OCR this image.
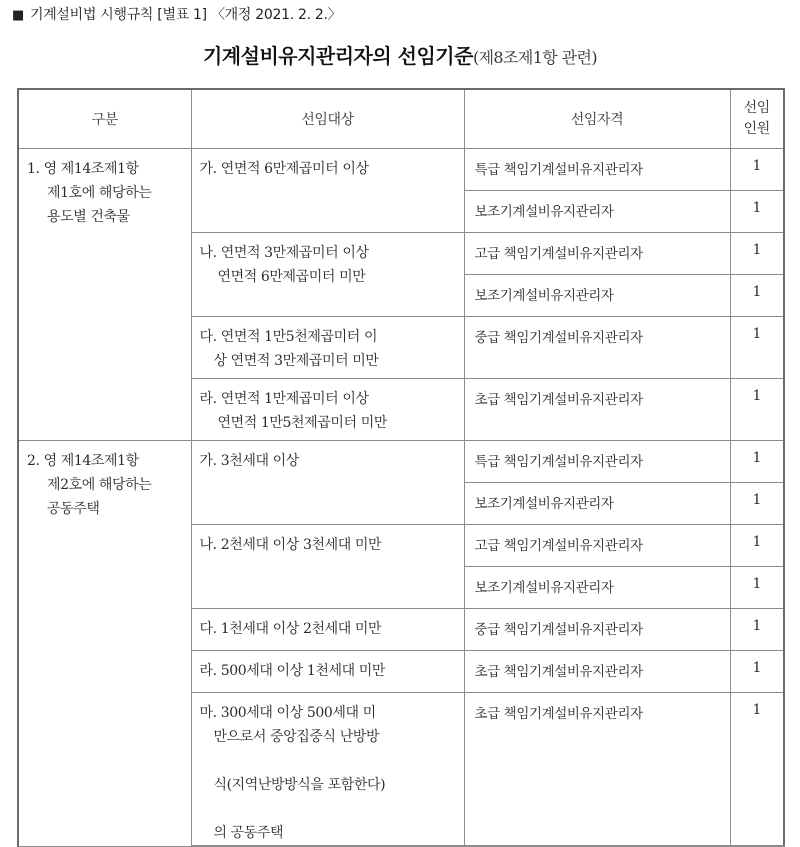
■ 기계설비법 시행규칙 [별표 1] 〈개정 2021. 2. 2.〉
기계설비유지관리자의 선임기준(제8조제1항 관련)
구분	선임대상	선임자격	선임
인원
1. 영 제14조제1항
제1호에 해당하는
용도별 건축물	가. 연면적 6만제곱미터 이상	특급 책임기계설비유지관리자	1
		보조기계설비유지관리자	1
	나. 연면적 3만제곱미터 이상

연면적 6만제곱미터 미만	고급 책임기계설비유지관리자	1
		보조기계설비유지관리자	1
	다. 연면적 1만5천제곱미터 이

상 연면적 3만제곱미터 미만	중급 책임기계설비유지관리자	1
	라. 연면적 1만제곱미터 이상

연면적 1만5천제곱미터 미만	초급 책임기계설비유지관리자	1
2. 영 제14조제1항
제2호에 해당하는
공동주택	가. 3천세대 이상	특급 책임기계설비유지관리자	1
		보조기계설비유지관리자	1
	나. 2천세대 이상 3천세대 미만	고급 책임기계설비유지관리자	1
		보조기계설비유지관리자	1
	다. 1천세대 이상 2천세대 미만	중급 책임기계설비유지관리자	1
	라. 500세대 이상 1천세대 미만	초급 책임기계설비유지관리자	1
	마. 300세대 이상 500세대 미

만으로서 중앙집중식 난방방

식(지역난방방식을 포함한다)

의 공동주택	초급 책임기계설비유지관리자	1
